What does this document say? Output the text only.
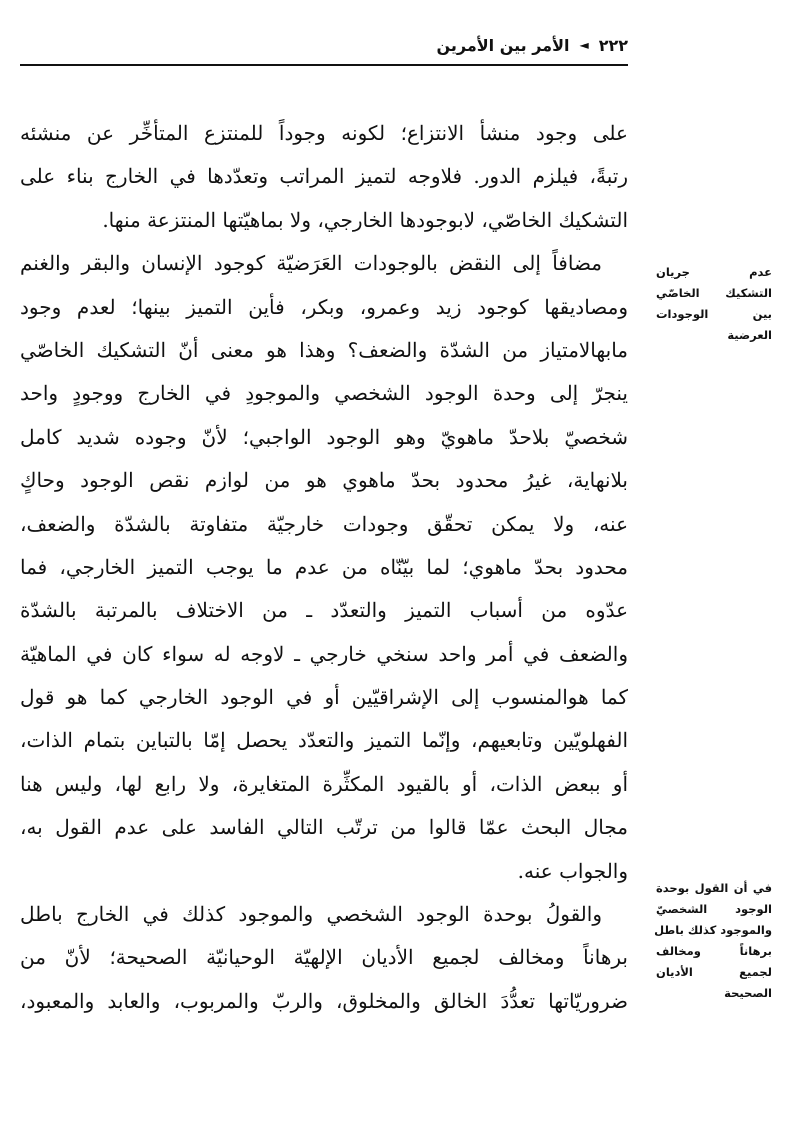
٢٢٢
◄
الأمر بين الأمرين
على وجود منشأ الانتزاع؛ لكونه وجوداً للمنتزع المتأخِّر عن منشئه
رتبةً، فيلزم الدور. فلاوجه لتميز المراتب وتعدّدها في الخارج بناء على
التشكيك الخاصّي، لابوجودها الخارجي، ولا بماهيّتها المنتزعة منها.
مضافاً إلى النقض بالوجودات العَرَضيّة كوجود الإنسان والبقر والغنم
ومصاديقها كوجود زيد وعمرو، وبكر، فأين التميز بينها؛ لعدم وجود
مابهالامتياز من الشدّة والضعف؟ وهذا هو معنى أنّ التشكيك الخاصّي
ينجرّ إلى وحدة الوجود الشخصي والموجودِ في الخارج ووجودٍ واحد
شخصيّ بلاحدّ ماهويّ وهو الوجود الواجبي؛ لأنّ وجوده شديد كامل
بلانهاية، غيرُ محدود بحدّ ماهوي هو من لوازم نقص الوجود وحاكٍ
عنه، ولا يمكن تحقّق وجودات خارجيّة متفاوتة بالشدّة والضعف،
محدود بحدّ ماهوي؛ لما بيّنّاه من عدم ما يوجب التميز الخارجي، فما
عدّوه من أسباب التميز والتعدّد ـ من الاختلاف بالمرتبة بالشدّة
والضعف في أمر واحد سنخي خارجي ـ لاوجه له سواء كان في الماهيّة
كما هوالمنسوب إلى الإشراقيّين أو في الوجود الخارجي كما هو قول
الفهلويّين وتابعيهم، وإنّما التميز والتعدّد يحصل إمّا بالتباين بتمام الذات،
أو ببعض الذات، أو بالقيود المكثِّرة المتغايرة، ولا رابع لها، وليس هنا
مجال البحث عمّا قالوا من ترتّب التالي الفاسد على عدم القول به،
والجواب عنه.
والقولُ بوحدة الوجود الشخصي والموجود كذلك في الخارج باطل
برهاناً ومخالف لجميع الأديان الإلهيّة الوحيانيّة الصحيحة؛ لأنّ من
ضروريّاتها تعدُّدَ الخالق والمخلوق، والربّ والمربوب، والعابد والمعبود،
عدم جريان
التشكيك الخاصّي
بين الوجودات
العرضية
في أن القول بوحدة
الوجود الشخصيّ
والموجود كذلك باطل
برهاناً ومخالف
لجميع الأديان
الصحيحة
